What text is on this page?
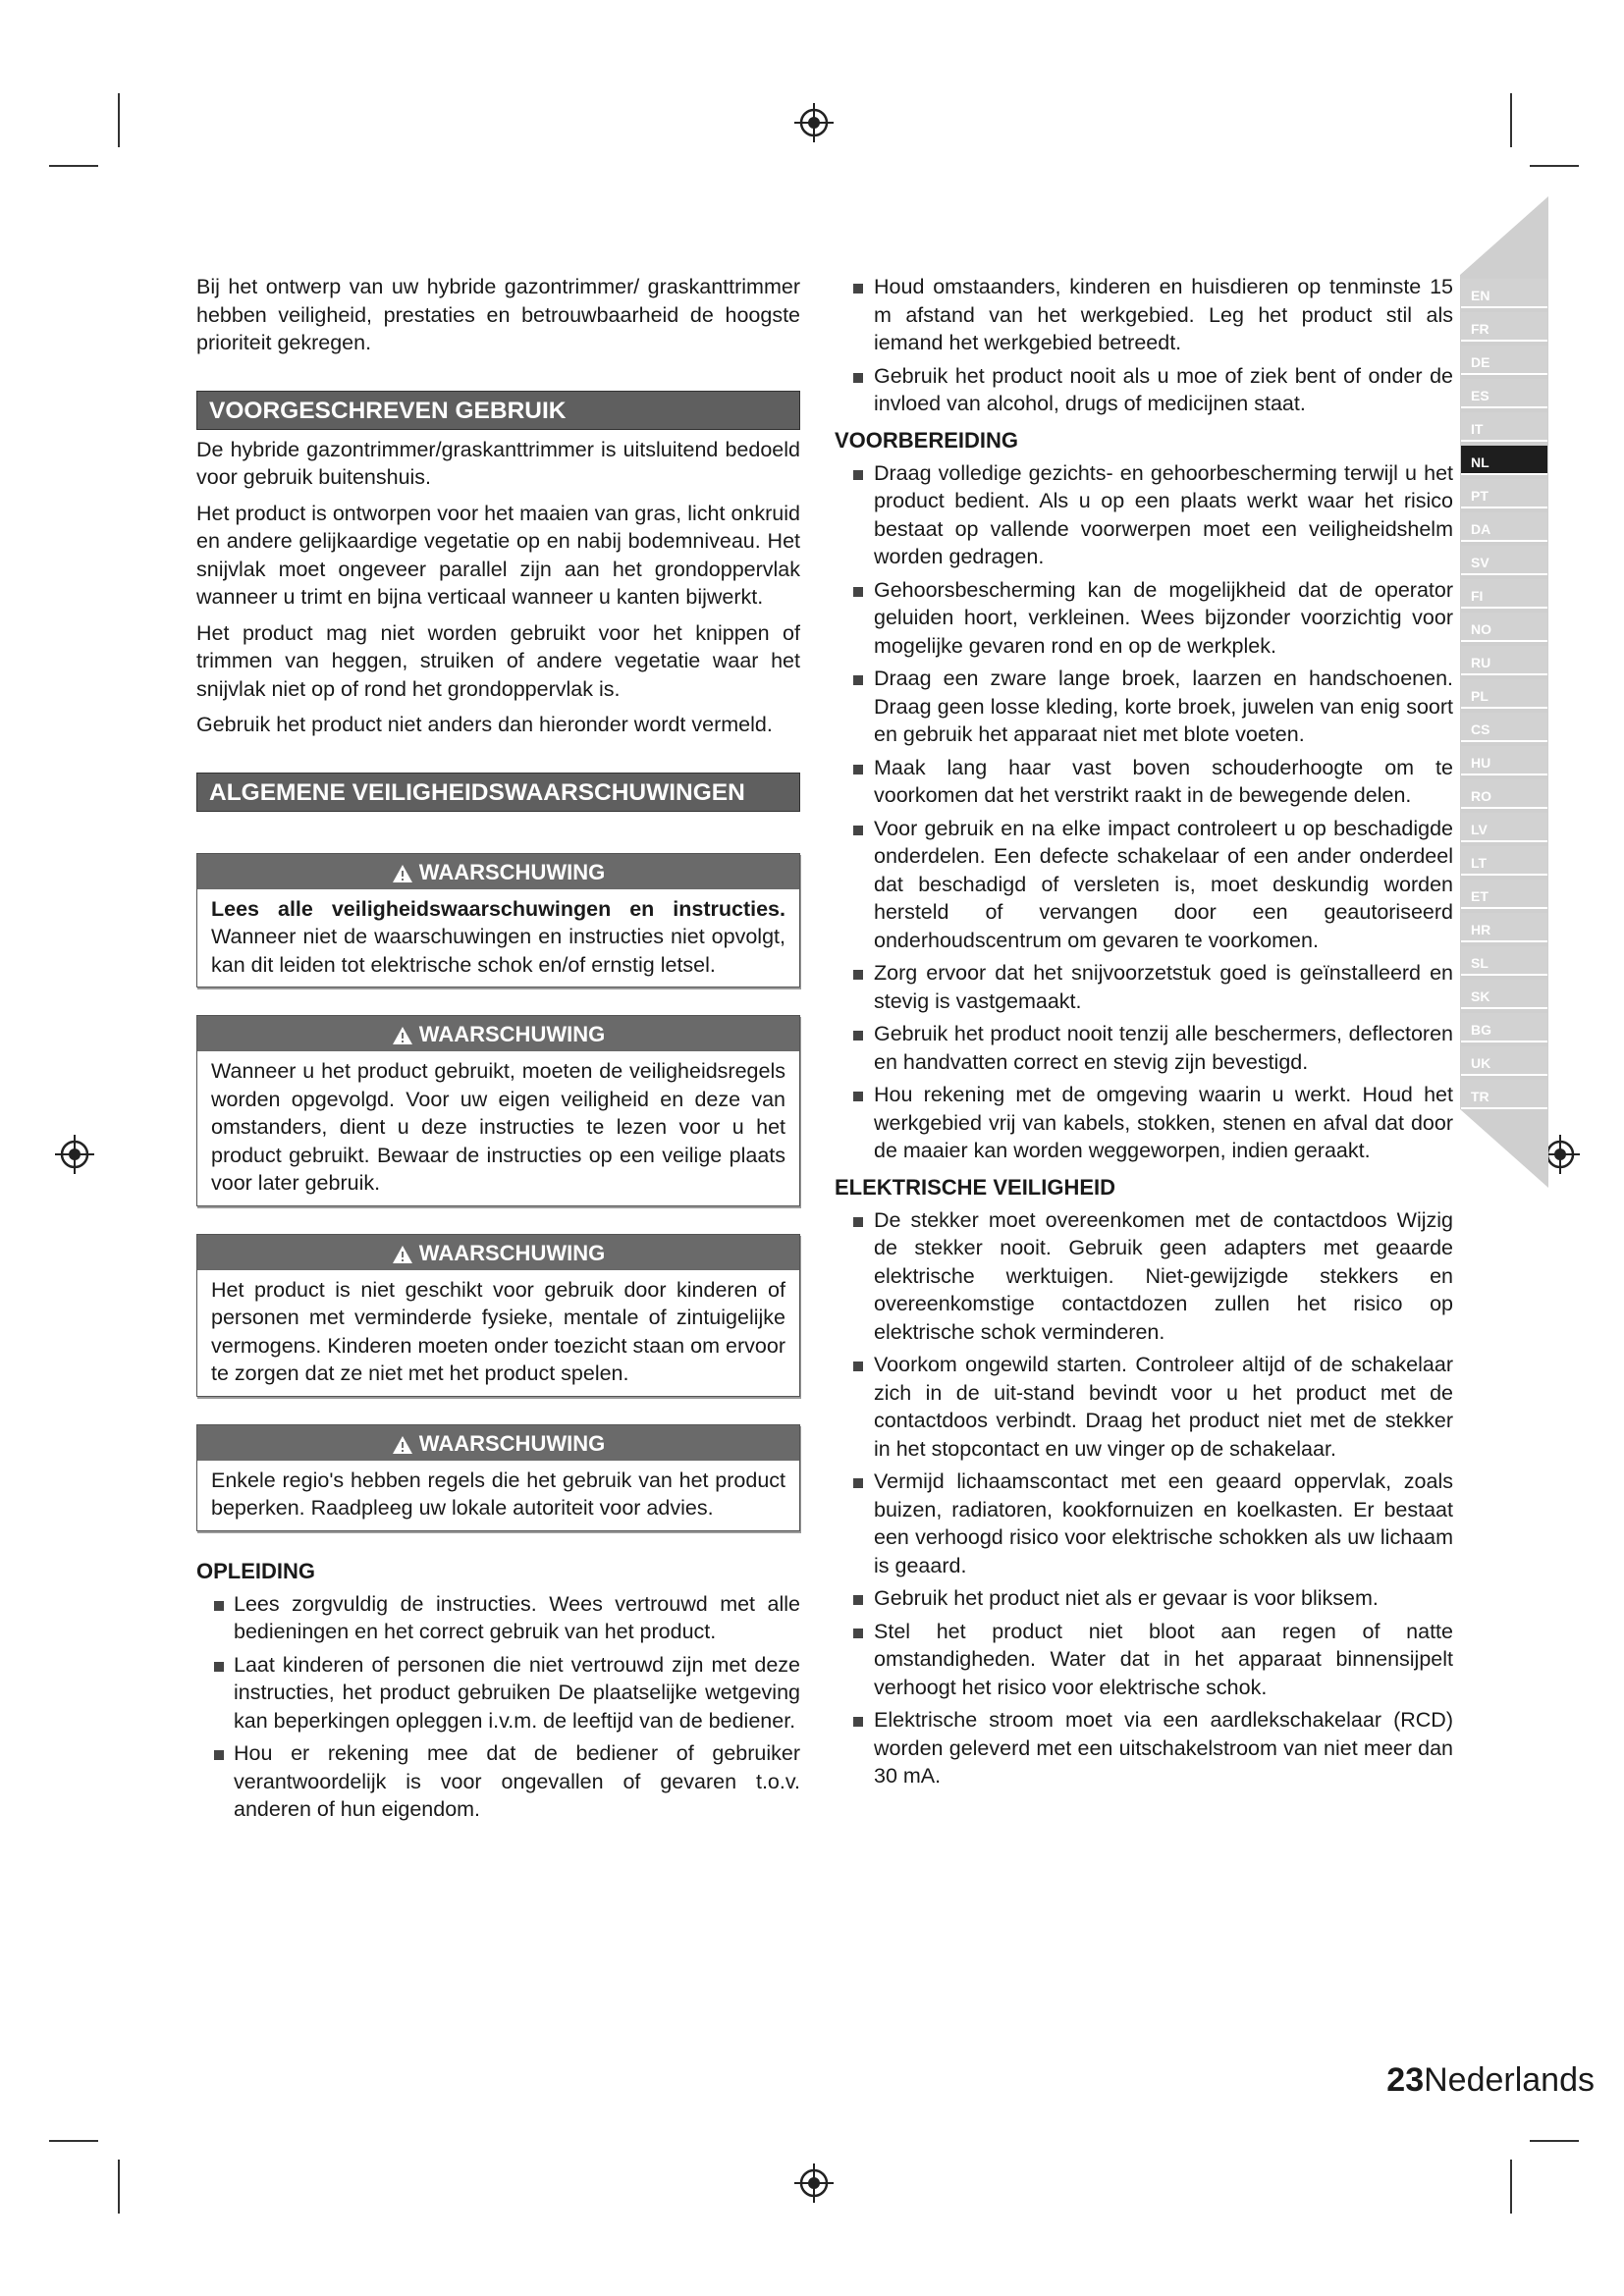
EN
FR
DE
ES
IT
NL
PT
DA
SV
FI
NO
RU
PL
CS
HU
RO
LV
LT
ET
HR
SL
SK
BG
UK
TR

Bij het ontwerp van uw hybride gazontrimmer/ graskanttrimmer hebben veiligheid, prestaties en betrouwbaarheid de hoogste prioriteit gekregen.

VOORGESCHREVEN GEBRUIK

De hybride gazontrimmer/graskanttrimmer is uitsluitend bedoeld voor gebruik buitenshuis.

Het product is ontworpen voor het maaien van gras, licht onkruid en andere gelijkaardige vegetatie op en nabij bodemniveau. Het snijvlak moet ongeveer parallel zijn aan het grondoppervlak wanneer u trimt en bijna verticaal wanneer u kanten bijwerkt.

Het product mag niet worden gebruikt voor het knippen of trimmen van heggen, struiken of andere vegetatie waar het snijvlak niet op of rond het grondoppervlak is.

Gebruik het product niet anders dan hieronder wordt vermeld.

ALGEMENE VEILIGHEIDSWAARSCHUWINGEN
WAARSCHUWING
Lees alle veiligheidswaarschuwingen en instructies. Wanneer niet de waarschuwingen en instructies niet opvolgt, kan dit leiden tot elektrische schok en/of ernstig letsel.
WAARSCHUWING
Wanneer u het product gebruikt, moeten de veiligheidsregels worden opgevolgd. Voor uw eigen veiligheid en deze van omstanders, dient u deze instructies te lezen voor u het product gebruikt. Bewaar de instructies op een veilige plaats voor later gebruik.
WAARSCHUWING
Het product is niet geschikt voor gebruik door kinderen of personen met verminderde fysieke, mentale of zintuigelijke vermogens. Kinderen moeten onder toezicht staan om ervoor te zorgen dat ze niet met het product spelen.
WAARSCHUWING
Enkele regio's hebben regels die het gebruik van het product beperken. Raadpleeg uw lokale autoriteit voor advies.
OPLEIDING
Lees zorgvuldig de instructies. Wees vertrouwd met alle bedieningen en het correct gebruik van het product.
Laat kinderen of personen die niet vertrouwd zijn met deze instructies, het product gebruiken De plaatselijke wetgeving kan beperkingen opleggen i.v.m. de leeftijd van de bediener.
Hou er rekening mee dat de bediener of gebruiker verantwoordelijk is voor ongevallen of gevaren t.o.v. anderen of hun eigendom.
Houd omstaanders, kinderen en huisdieren op tenminste 15 m afstand van het werkgebied. Leg het product stil als iemand het werkgebied betreedt.
Gebruik het product nooit als u moe of ziek bent of onder de invloed van alcohol, drugs of medicijnen staat.
VOORBEREIDING
Draag volledige gezichts- en gehoorbescherming terwijl u het product bedient. Als u op een plaats werkt waar het risico bestaat op vallende voorwerpen moet een veiligheidshelm worden gedragen.
Gehoorsbescherming kan de mogelijkheid dat de operator geluiden hoort, verkleinen. Wees bijzonder voorzichtig voor mogelijke gevaren rond en op de werkplek.
Draag een zware lange broek, laarzen en handschoenen. Draag geen losse kleding, korte broek, juwelen van enig soort en gebruik het apparaat niet met blote voeten.
Maak lang haar vast boven schouderhoogte om te voorkomen dat het verstrikt raakt in de bewegende delen.
Voor gebruik en na elke impact controleert u op beschadigde onderdelen. Een defecte schakelaar of een ander onderdeel dat beschadigd of versleten is, moet deskundig worden hersteld of vervangen door een geautoriseerd onderhoudscentrum om gevaren te voorkomen.
Zorg ervoor dat het snijvoorzetstuk goed is geïnstalleerd en stevig is vastgemaakt.
Gebruik het product nooit tenzij alle beschermers, deflectoren en handvatten correct en stevig zijn bevestigd.
Hou rekening met de omgeving waarin u werkt. Houd het werkgebied vrij van kabels, stokken, stenen en afval dat door de maaier kan worden weggeworpen, indien geraakt.
ELEKTRISCHE VEILIGHEID
De stekker moet overeenkomen met de contactdoos Wijzig de stekker nooit. Gebruik geen adapters met geaarde elektrische werktuigen. Niet-gewijzigde stekkers en overeenkomstige contactdozen zullen het risico op elektrische schok verminderen.
Voorkom ongewild starten. Controleer altijd of de schakelaar zich in de uit-stand bevindt voor u het product met de contactdoos verbindt. Draag het product niet met de stekker in het stopcontact en uw vinger op de schakelaar.
Vermijd lichaamscontact met een geaard oppervlak, zoals buizen, radiatoren, kookfornuizen en koelkasten. Er bestaat een verhoogd risico voor elektrische schokken als uw lichaam is geaard.
Gebruik het product niet als er gevaar is voor bliksem.
Stel het product niet bloot aan regen of natte omstandigheden. Water dat in het apparaat binnensijpelt verhoogt het risico voor elektrische schok.
Elektrische stroom moet via een aardlekschakelaar (RCD) worden geleverd met een uitschakelstroom van niet meer dan 30 mA.
23Nederlands
